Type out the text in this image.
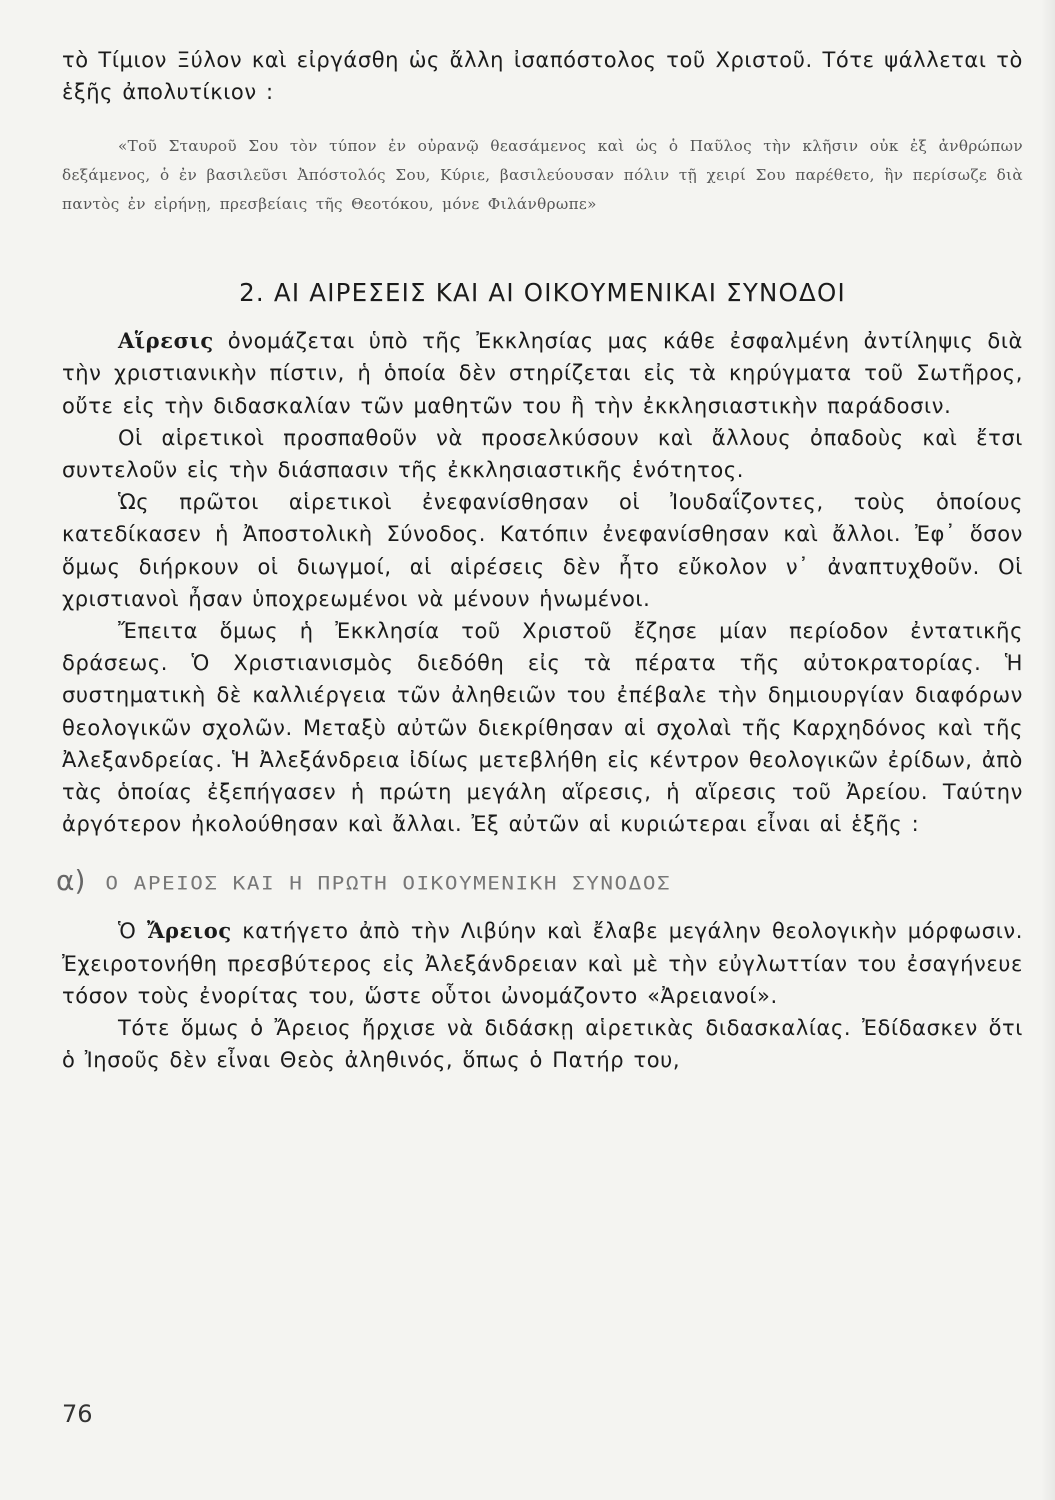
τὸ Τίμιον Ξύλον καὶ εἰργάσθη ὡς ἄλλη ἰσαπόστολος τοῦ Χριστοῦ. Τότε ψάλλεται τὸ ἑξῆς ἀπολυτίκιον :

«Τοῦ Σταυροῦ Σου τὸν τύπον ἐν οὐρανῷ θεασάμενος καὶ ὡς ὁ Παῦλος τὴν κλῆσιν οὐκ ἐξ ἀνθρώπων δεξάμενος, ὁ ἐν βασιλεῦσι Ἀπόστολός Σου, Κύριε, βασιλεύουσαν πόλιν τῇ χειρί Σου παρέθετο, ἣν περίσωζε διὰ παντὸς ἐν εἰρήνῃ, πρεσβείαις τῆς Θεοτόκου, μόνε Φιλάνθρωπε»

2. ΑΙ ΑΙΡΕΣΕΙΣ ΚΑΙ ΑΙ ΟΙΚΟΥΜΕΝΙΚΑΙ ΣΥΝΟΔΟΙ

Αἵρεσις ὀνομάζεται ὑπὸ τῆς Ἐκκλησίας μας κάθε ἐσφαλμένη ἀντίληψις διὰ τὴν χριστιανικὴν πίστιν, ἡ ὁποία δὲν στηρίζεται εἰς τὰ κηρύγματα τοῦ Σωτῆρος, οὔτε εἰς τὴν διδασκαλίαν τῶν μαθητῶν του ἢ τὴν ἐκκλησιαστικὴν παράδοσιν.

Οἱ αἱρετικοὶ προσπαθοῦν νὰ προσελκύσουν καὶ ἄλλους ὀπαδοὺς καὶ ἔτσι συντελοῦν εἰς τὴν διάσπασιν τῆς ἐκκλησιαστικῆς ἑνότητος.

Ὡς πρῶτοι αἱρετικοὶ ἐνεφανίσθησαν οἱ Ἰουδαΐζοντες, τοὺς ὁποίους κατεδίκασεν ἡ Ἀποστολικὴ Σύνοδος. Κατόπιν ἐνεφανίσθησαν καὶ ἄλλοι. Ἐφ᾽ ὅσον ὅμως διήρκουν οἱ διωγμοί, αἱ αἱρέσεις δὲν ἦτο εὔκολον ν᾽ ἀναπτυχθοῦν. Οἱ χριστιανοὶ ἦσαν ὑποχρεωμένοι νὰ μένουν ἡνωμένοι.

Ἔπειτα ὅμως ἡ Ἐκκλησία τοῦ Χριστοῦ ἔζησε μίαν περίοδον ἐντατικῆς δράσεως. Ὁ Χριστιανισμὸς διεδόθη εἰς τὰ πέρατα τῆς αὐτοκρατορίας. Ἡ συστηματικὴ δὲ καλλιέργεια τῶν ἀληθειῶν του ἐπέβαλε τὴν δημιουργίαν διαφόρων θεολογικῶν σχολῶν. Μεταξὺ αὐτῶν διεκρίθησαν αἱ σχολαὶ τῆς Καρχηδόνος καὶ τῆς Ἀλεξανδρείας. Ἡ Ἀλεξάνδρεια ἰδίως μετεβλήθη εἰς κέντρον θεολογικῶν ἐρίδων, ἀπὸ τὰς ὁποίας ἐξεπήγασεν ἡ πρώτη μεγάλη αἵρεσις, ἡ αἵρεσις τοῦ Ἀρείου. Ταύτην ἀργότερον ἠκολούθησαν καὶ ἄλλαι. Ἐξ αὐτῶν αἱ κυριώτεραι εἶναι αἱ ἑξῆς :

α) Ο ΑΡΕΙΟΣ ΚΑΙ Η ΠΡΩΤΗ ΟΙΚΟΥΜΕΝΙΚΗ ΣΥΝΟΔΟΣ

Ὁ Ἄρειος κατήγετο ἀπὸ τὴν Λιβύην καὶ ἔλαβε μεγάλην θεολογικὴν μόρφωσιν. Ἐχειροτονήθη πρεσβύτερος εἰς Ἀλεξάνδρειαν καὶ μὲ τὴν εὐγλωττίαν του ἐσαγήνευε τόσον τοὺς ἐνορίτας του, ὥστε οὗτοι ὠνομάζοντο «Ἀρειανοί».

Τότε ὅμως ὁ Ἄρειος ἤρχισε νὰ διδάσκῃ αἱρετικὰς διδασκαλίας. Ἐδίδασκεν ὅτι ὁ Ἰησοῦς δὲν εἶναι Θεὸς ἀληθινός, ὅπως ὁ Πατήρ του,

76
